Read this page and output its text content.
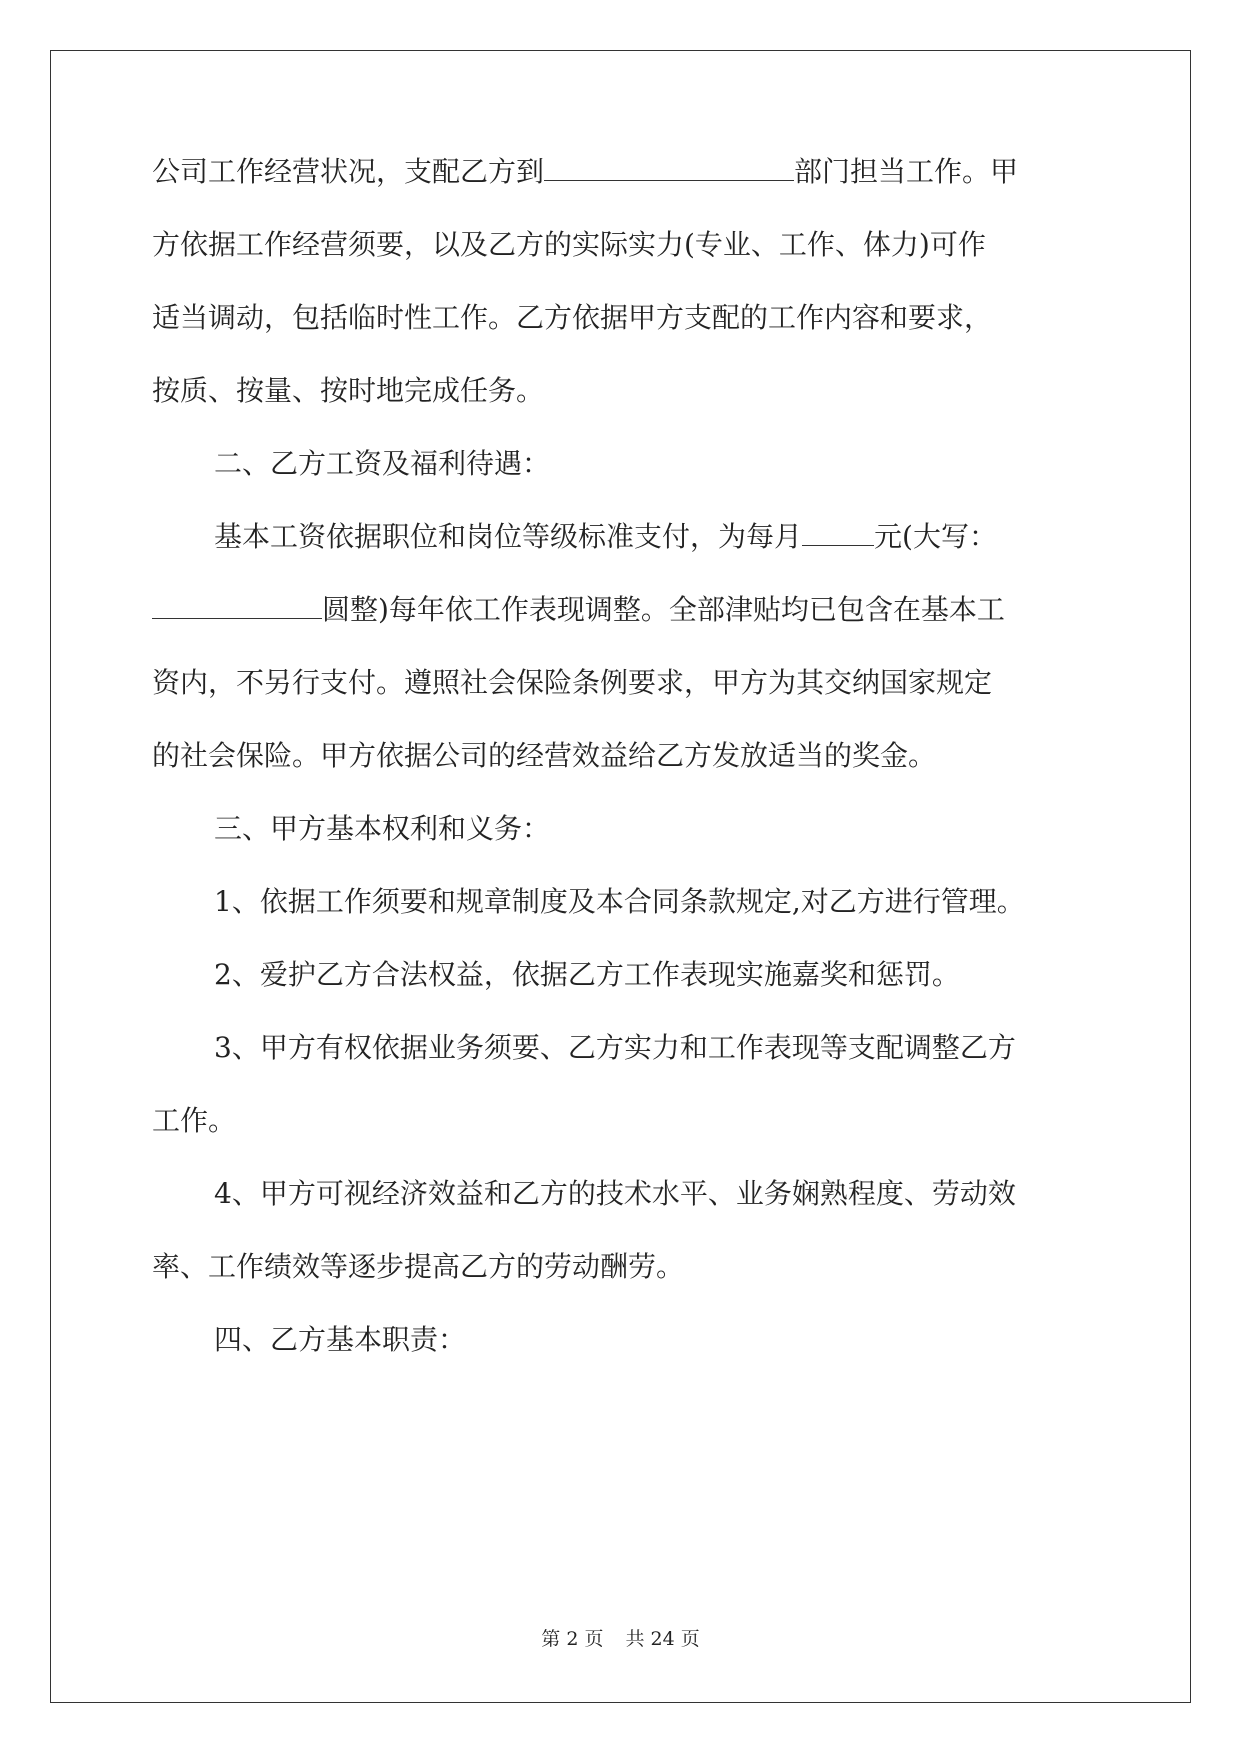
公司工作经营状况，支配乙方到	部门担当工作。甲
方依据工作经营须要，以及乙方的实际实力(专业、工作、体力)可作
适当调动，包括临时性工作。乙方依据甲方支配的工作内容和要求，
按质、按量、按时地完成任务。
二、乙方工资及福利待遇：
基本工资依据职位和岗位等级标准支付，为每月	元(大写：
圆整)每年依工作表现调整。全部津贴均已包含在基本工
资内，不另行支付。遵照社会保险条例要求，甲方为其交纳国家规定
的社会保险。甲方依据公司的经营效益给乙方发放适当的奖金。
三、甲方基本权利和义务：
1、依据工作须要和规章制度及本合同条款规定,对乙方进行管理。
2、爱护乙方合法权益，依据乙方工作表现实施嘉奖和惩罚。
3、甲方有权依据业务须要、乙方实力和工作表现等支配调整乙方
工作。
4、甲方可视经济效益和乙方的技术水平、业务娴熟程度、劳动效
率、工作绩效等逐步提高乙方的劳动酬劳。
四、乙方基本职责：
第 2 页 共 24 页
